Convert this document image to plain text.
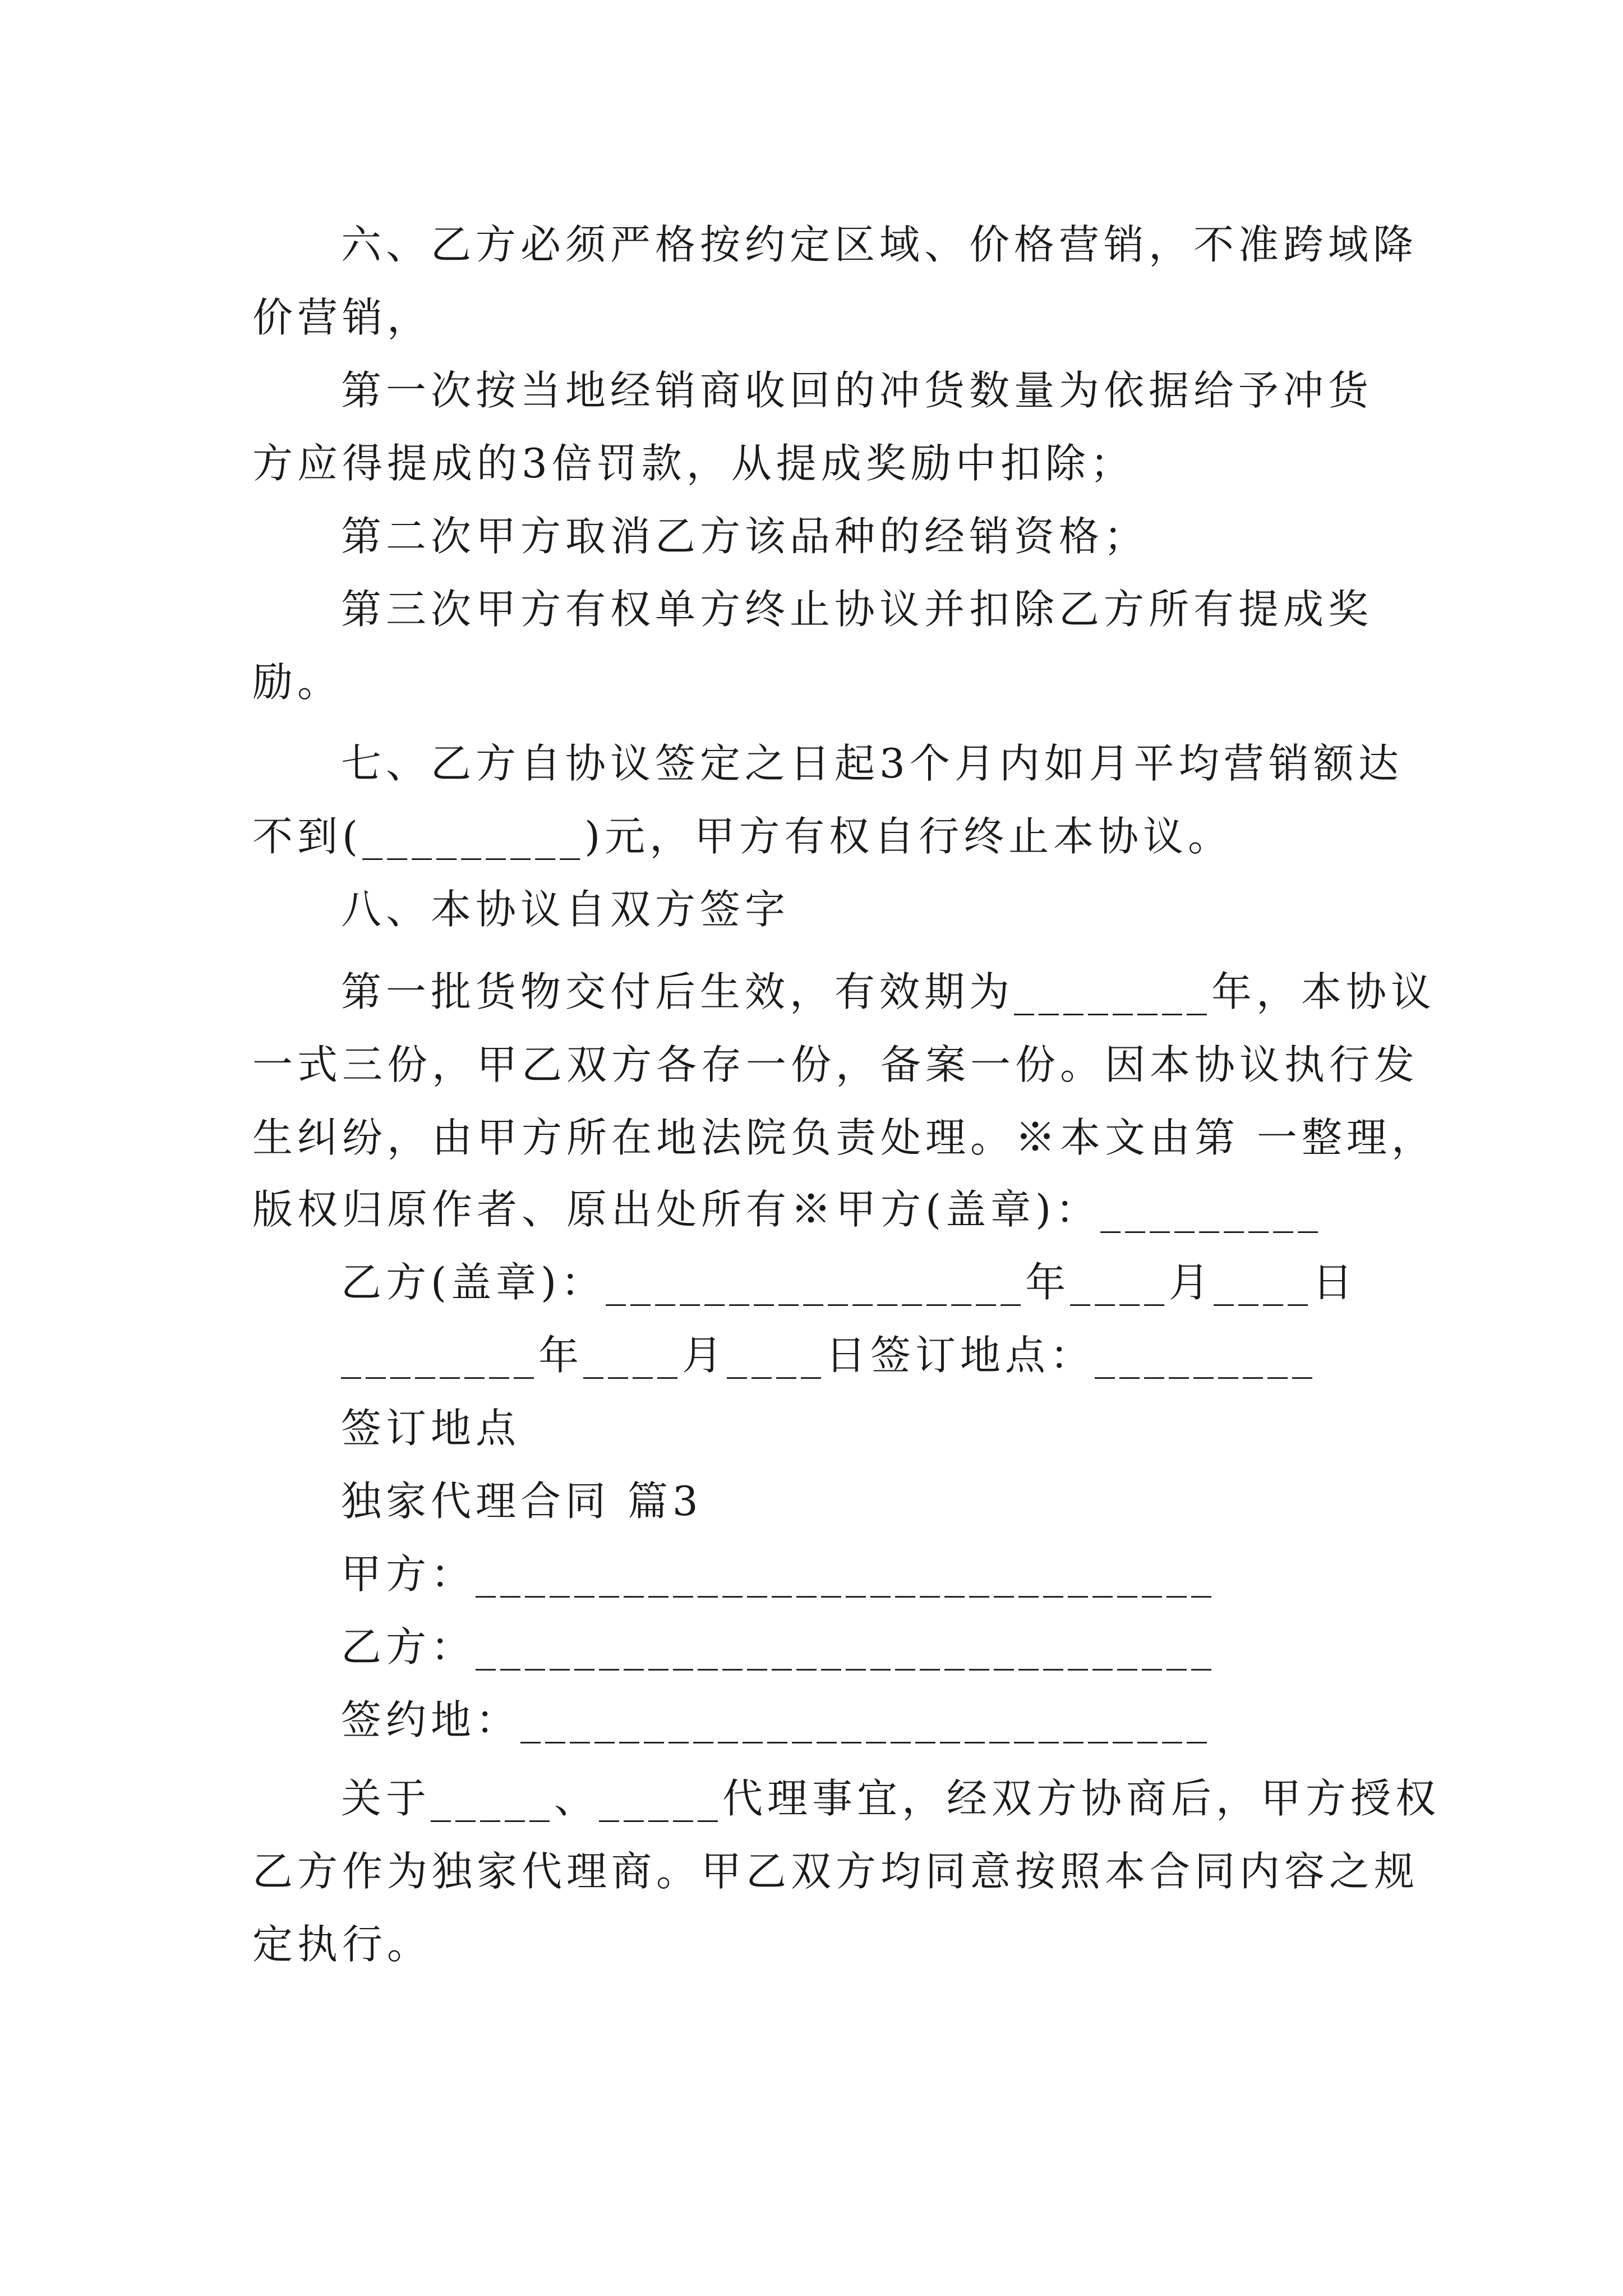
六、乙方必须严格按约定区域、价格营销，不准跨域降
价营销，
第一次按当地经销商收回的冲货数量为依据给予冲货
方应得提成的3倍罚款，从提成奖励中扣除；
第二次甲方取消乙方该品种的经销资格；
第三次甲方有权单方终止协议并扣除乙方所有提成奖
励。
七、乙方自协议签定之日起3个月内如月平均营销额达
不到(_________)元，甲方有权自行终止本协议。
八、本协议自双方签字
第一批货物交付后生效，有效期为________年，本协议
一式三份，甲乙双方各存一份，备案一份。因本协议执行发
生纠纷，由甲方所在地法院负责处理。※本文由第 一整理，
版权归原作者、原出处所有※甲方(盖章)：_________
乙方(盖章)：_________________年____月____日
________年____月____日签订地点：_________
签订地点
独家代理合同 篇3
甲方：______________________________
乙方：______________________________
签约地：____________________________
关于_____、_____代理事宜，经双方协商后，甲方授权
乙方作为独家代理商。甲乙双方均同意按照本合同内容之规
定执行。
